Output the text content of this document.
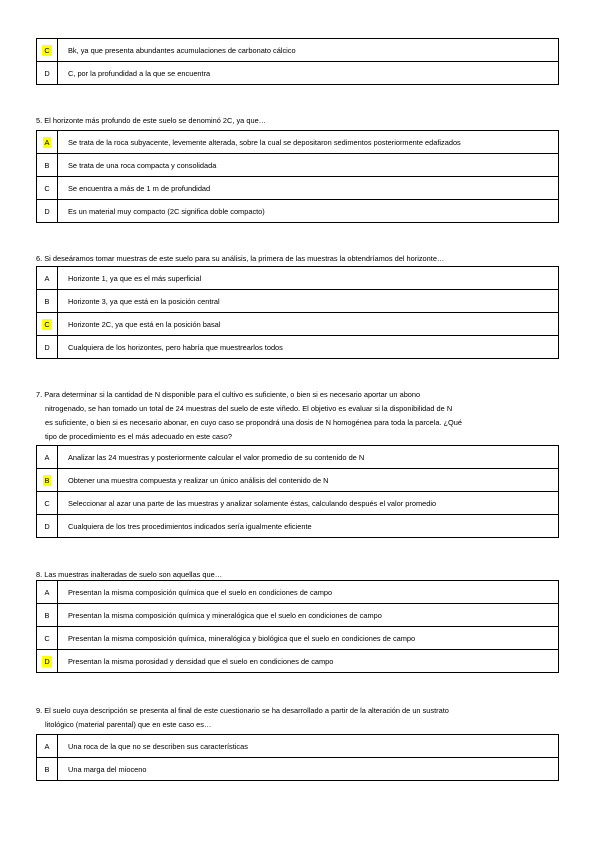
C	Bk, ya que presenta abundantes acumulaciones de carbonato cálcico
D	C, por la profundidad a la que se encuentra
5. El horizonte más profundo de este suelo se denominó 2C, ya que…
A	Se trata de la roca subyacente, levemente alterada, sobre la cual se depositaron sedimentos posteriormente edafizados
B	Se trata de una roca compacta y consolidada
C	Se encuentra a más de 1 m de profundidad
D	Es un material muy compacto (2C significa doble compacto)
6. Si deseáramos tomar muestras de este suelo para su análisis, la primera de las muestras la obtendríamos del horizonte…
A	Horizonte 1, ya que es el más superficial
B	Horizonte 3, ya que está en la posición central
C	Horizonte 2C, ya que está en la posición basal
D	Cualquiera de los horizontes, pero habría que muestrearlos todos
7. Para determinar si la cantidad de N disponible para el cultivo es suficiente, o bien si es necesario aportar un abono
nitrogenado, se han tomado un total de 24 muestras del suelo de este viñedo. El objetivo es evaluar si la disponibilidad de N
es suficiente, o bien si es necesario abonar, en cuyo caso se propondrá una dosis de N homogénea para toda la parcela. ¿Qué
tipo de procedimiento es el más adecuado en este caso?
A	Analizar las 24 muestras y posteriormente calcular el valor promedio de su contenido de N
B	Obtener una muestra compuesta y realizar un único análisis del contenido de N
C	Seleccionar al azar una parte de las muestras y analizar solamente éstas, calculando después el valor promedio
D	Cualquiera de los tres procedimientos indicados sería igualmente eficiente
8. Las muestras inalteradas de suelo son aquellas que…
A	Presentan la misma composición química que el suelo en condiciones de campo
B	Presentan la misma composición química y mineralógica que el suelo en condiciones de campo
C	Presentan la misma composición química, mineralógica y biológica que el suelo en condiciones de campo
D	Presentan la misma porosidad y densidad que el suelo en condiciones de campo
9. El suelo cuya descripción se presenta al final de este cuestionario se ha desarrollado a partir de la alteración de un sustrato
litológico (material parental) que en este caso es…
A	Una roca de la que no se describen sus características
B	Una marga del mioceno
